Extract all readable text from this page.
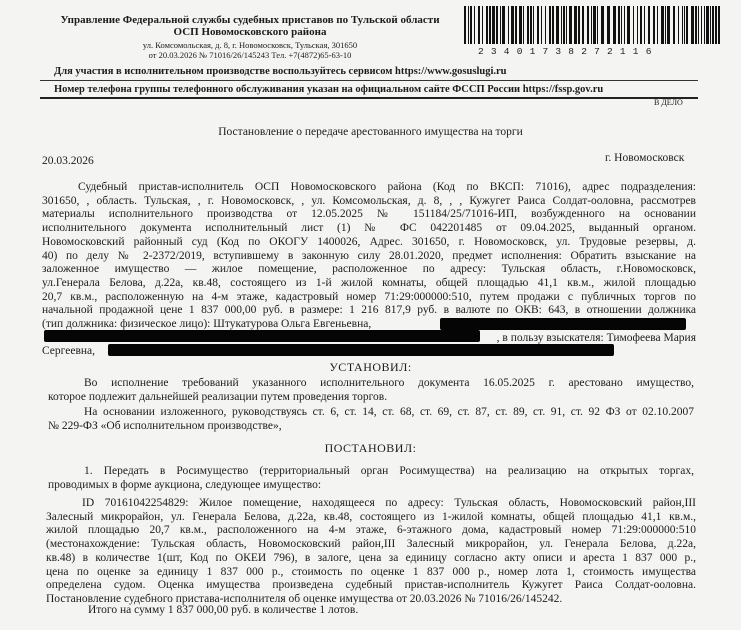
Управление Федеральной службы судебных приставов по Тульской области
ОСП Новомосковского района
ул. Комсомольская, д. 8, г. Новомосковск, Тульская, 301650
от 20.03.2026 № 71016/26/145243 Тел. +7(4872)65-63-10	23401738272116
Для участия в исполнительном производстве воспользуйтесь сервисом https://www.gosuslugi.ru
Номер телефона группы телефонного обслуживания указан на официальном сайте ФССП России https://fssp.gov.ru
В ДЕЛО
Постановление о передаче арестованного имущества на торги
20.03.2026	г. Новомосковск
Судебный пристав-исполнитель ОСП Новомосковского района (Код по ВКСП: 71016), адрес подразделения:
301650, , область. Тульская, , г. Новомосковск, , ул. Комсомольская, д. 8, , , Кужугет Раиса Солдат-ооловна, рассмотрев
материалы исполнительного производства от 12.05.2025 № 151184/25/71016-ИП, возбужденного на основании
исполнительного документа исполнительный лист (1) № ФС 042201485 от 09.04.2025, выданный органом.
Новомосковский районный суд (Код по ОКОГУ 1400026, Адрес. 301650, г. Новомосковск, ул. Трудовые резервы, д.
40) по делу № 2-2372/2019, вступившему в законную силу 28.01.2020, предмет исполнения: Обратить взыскание на
заложенное имущество — жилое помещение, расположенное по адресу: Тульская область, г.Новомосковск,
ул.Генерала Белова, д.22а, кв.48, состоящего из 1-й жилой комнаты, общей площадью 41,1 кв.м., жилой площадью
20,7 кв.м., расположенную на 4-м этаже, кадастровый номер 71:29:000000:510, путем продажи с публичных торгов по
начальной продажной цене 1 837 000,00 руб. в размере: 1 216 817,9 руб. в валюте по ОКВ: 643, в отношении должника
(тип должника: физическое лицо): Штукатурова Ольга Евгеньевна,
, в пользу взыскателя: Тимофеева Мария
Сергеевна,
УСТАНОВИЛ:
Во исполнение требований указанного исполнительного документа 16.05.2025 г. арестовано имущество,
которое подлежит дальнейшей реализации путем проведения торгов.
На основании изложенного, руководствуясь ст. 6, ст. 14, ст. 68, ст. 69, ст. 87, ст. 89, ст. 91, ст. 92 ФЗ от 02.10.2007
№ 229-ФЗ «Об исполнительном производстве»,
ПОСТАНОВИЛ:
1. Передать в Росимущество (территориальный орган Росимущества) на реализацию на открытых торгах,
проводимых в форме аукциона, следующее имущество:
ID 70161042254829: Жилое помещение, находящееся по адресу: Тульская область, Новомосковский район,III
Залесный микрорайон, ул. Генерала Белова, д.22а, кв.48, состоящего из 1-жилой комнаты, общей площадью 41,1 кв.м.,
жилой площадью 20,7 кв.м., расположенного на 4-м этаже, 6-этажного дома, кадастровый номер 71:29:000000:510
(местонахождение: Тульская область, Новомосковский район,III Залесный микрорайон, ул. Генерала Белова, д.22а,
кв.48) в количестве 1(шт, Код по ОКЕИ 796), в залоге, цена за единицу согласно акту описи и ареста 1 837 000 р.,
цена по оценке за единицу 1 837 000 р., стоимость по оценке 1 837 000 р., номер лота 1, стоимость имущества
определена судом. Оценка имущества произведена судебный пристав-исполнитель Кужугет Раиса Солдат-ооловна.
Постановление судебного пристава-исполнителя об оценке имущества от 20.03.2026 № 71016/26/145242.
Итого на сумму 1 837 000,00 руб. в количестве 1 лотов.
